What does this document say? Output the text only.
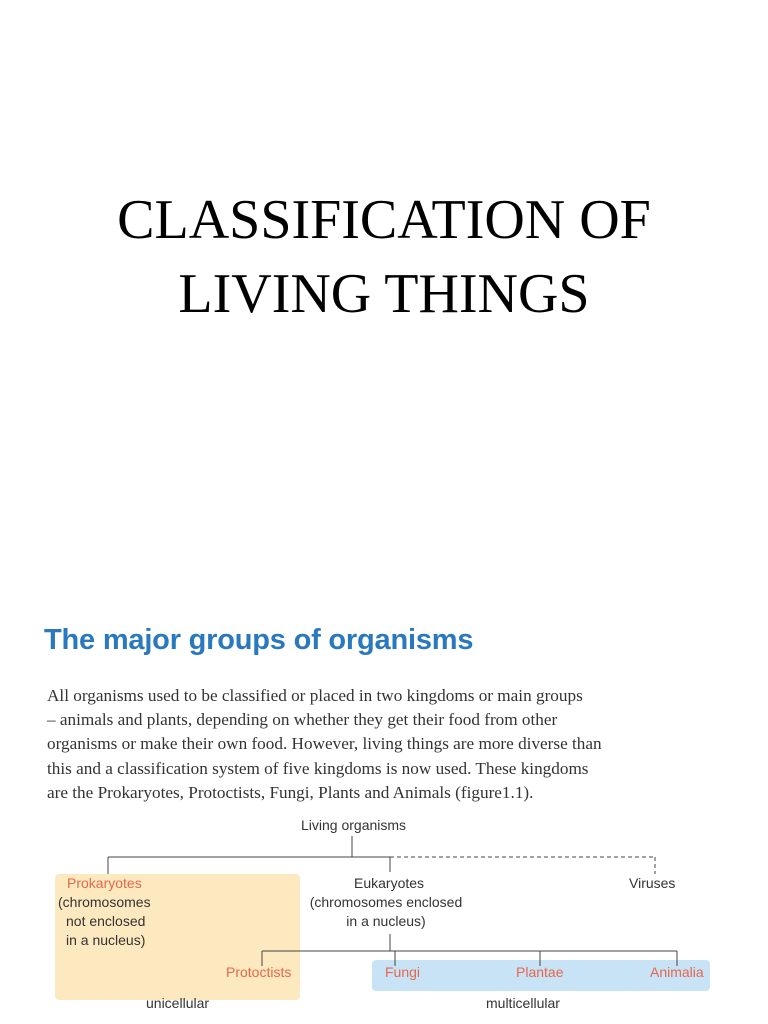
CLASSIFICATION OF
LIVING THINGS
The major groups of organisms
All organisms used to be classified or placed in two kingdoms or main groups
– animals and plants, depending on whether they get their food from other
organisms or make their own food. However, living things are more diverse than
this and a classification system of five kingdoms is now used. These kingdoms
are the Prokaryotes, Protoctists, Fungi, Plants and Animals (figure1.1).
Living organisms
Prokaryotes
(chromosomes
not enclosed
in a nucleus)
Eukaryotes
(chromosomes enclosed
in a nucleus)
Viruses
Protoctists	Fungi	Plantae	Animalia
unicellular	multicellular
